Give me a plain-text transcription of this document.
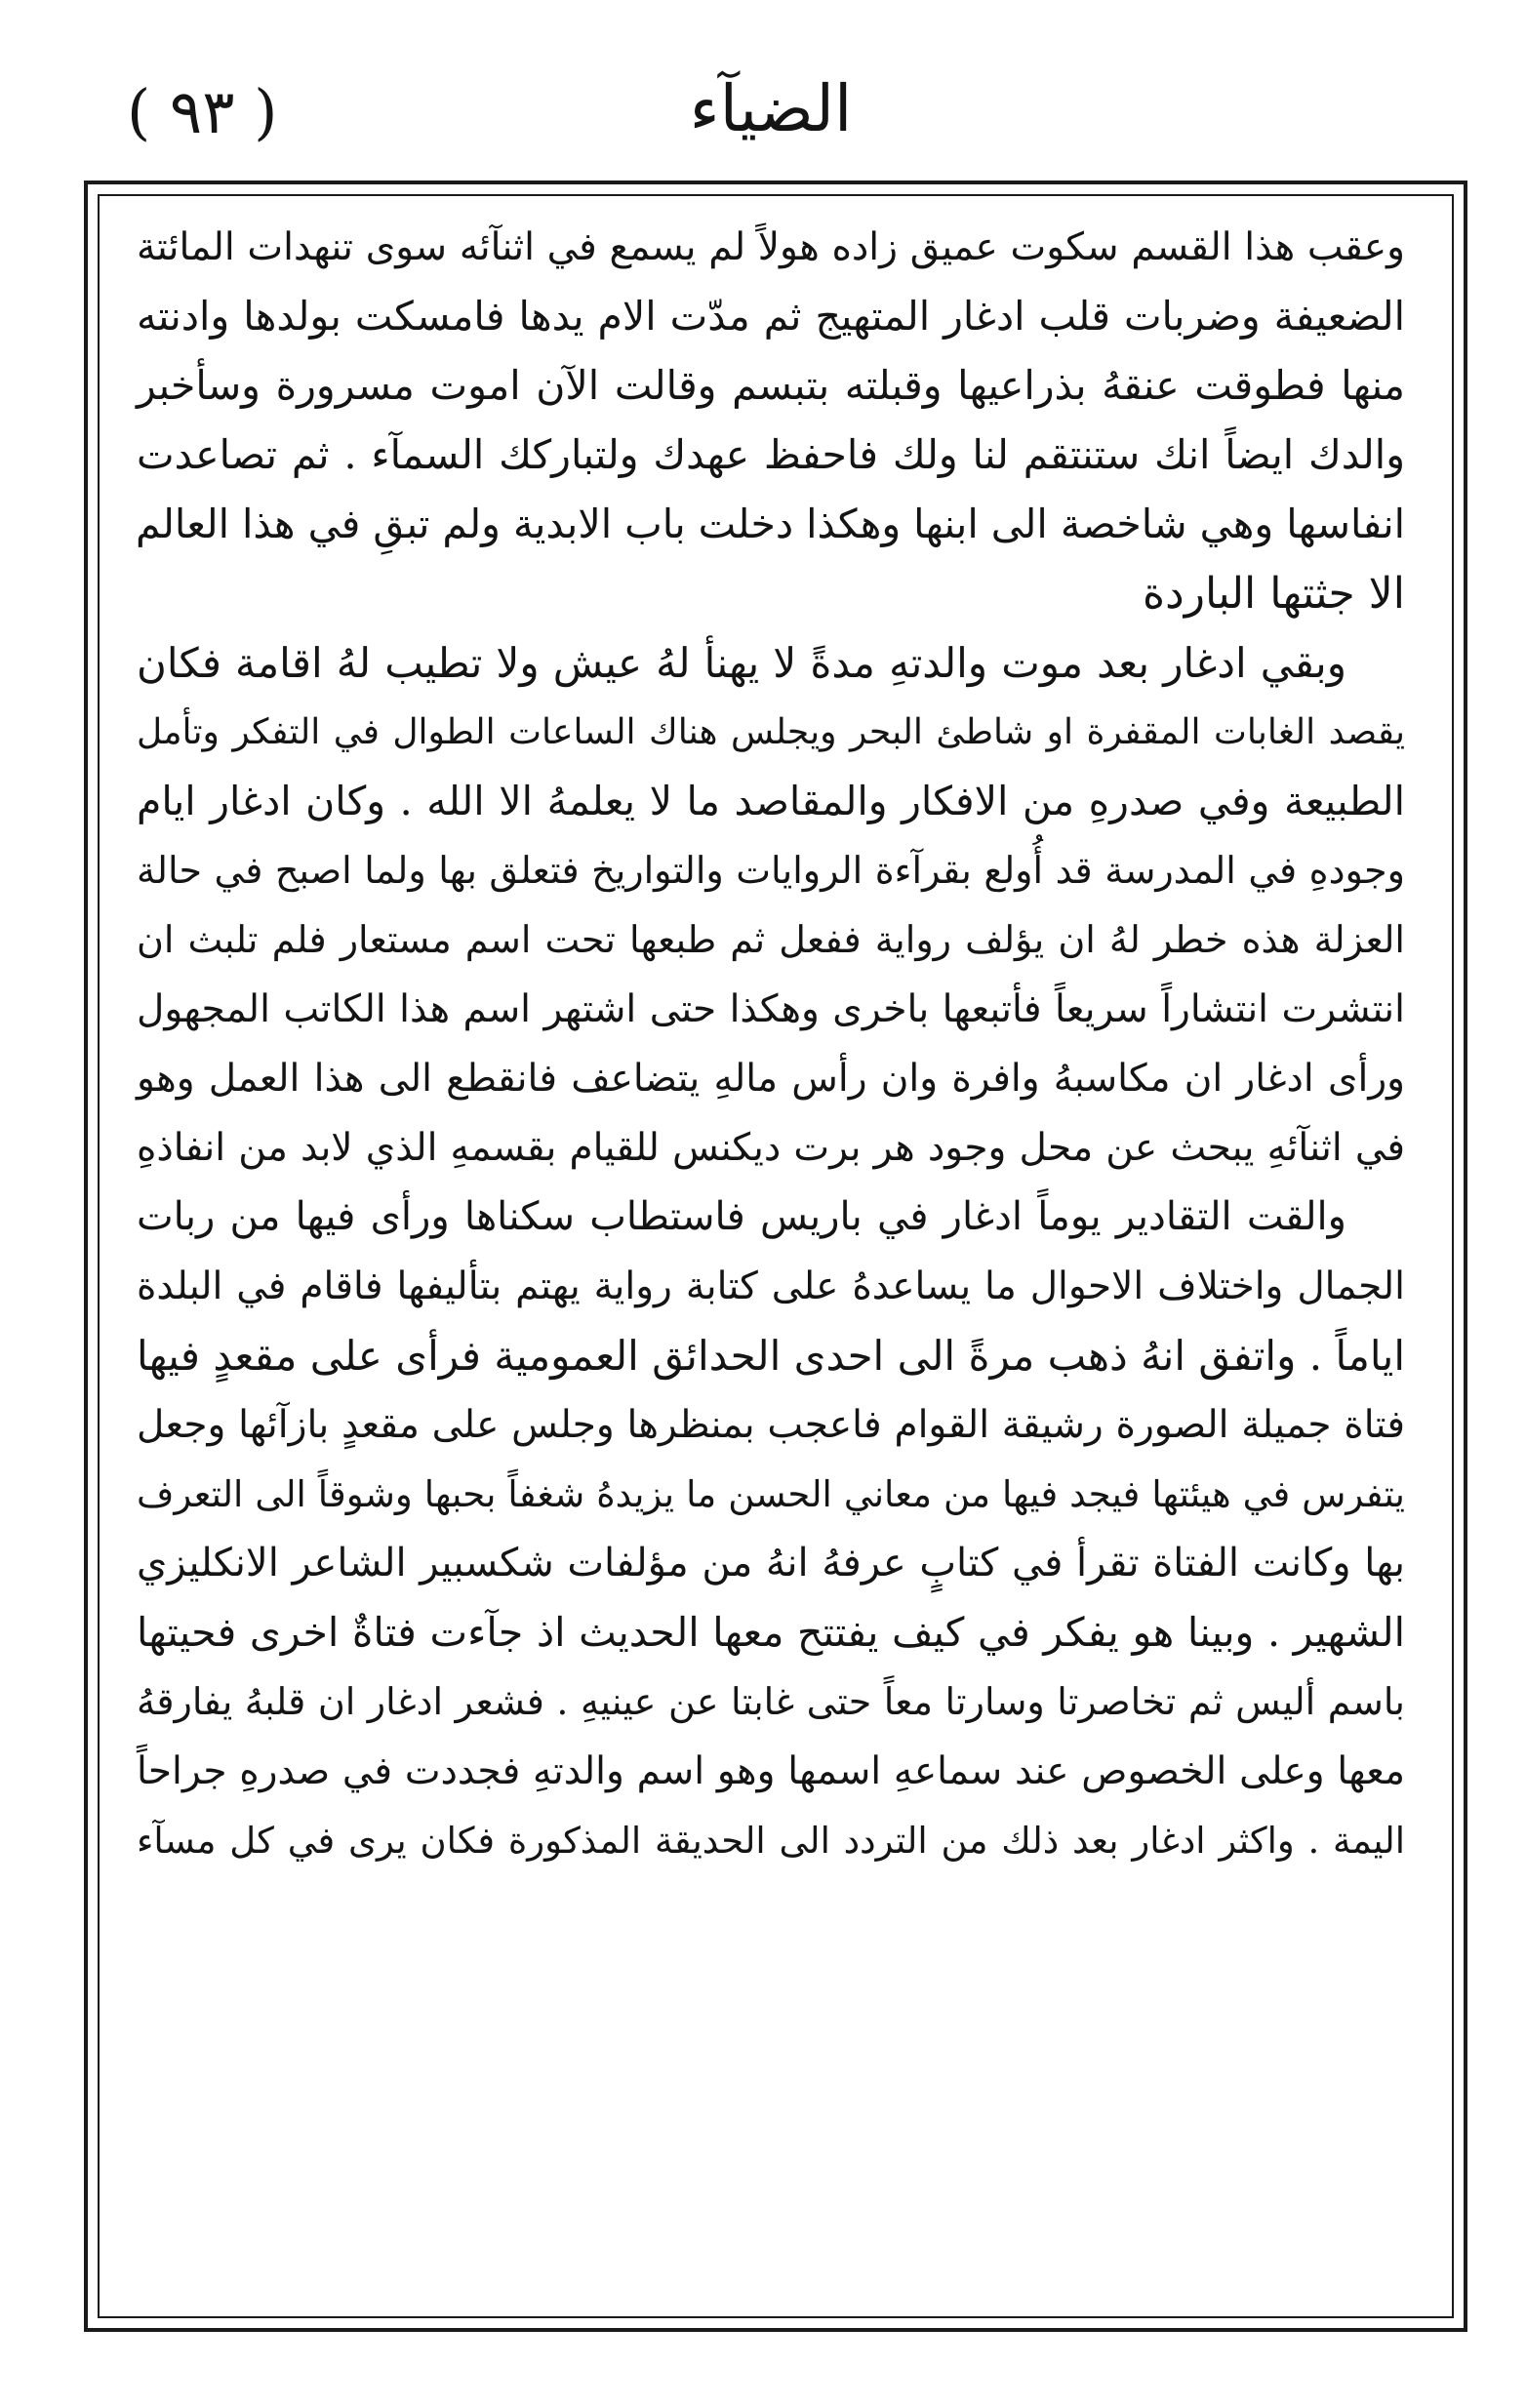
( ٩٣ )	الضيآء
وعقب هذا القسم سكوت عميق زاده هولاً لم يسمع في اثنآئه سوى تنهدات المائتة
الضعيفة وضربات قلب ادغار المتهيج ثم مدّت الام يدها فامسكت بولدها وادنته
منها فطوقت عنقهُ بذراعيها وقبلته بتبسم وقالت الآن اموت مسرورة وسأخبر
والدك ايضاً انك ستنتقم لنا ولك فاحفظ عهدك ولتباركك السمآء . ثم تصاعدت
انفاسها وهي شاخصة الى ابنها وهكذا دخلت باب الابدية ولم تبقِ في هذا العالم
الا جثتها الباردة
وبقي ادغار بعد موت والدتهِ مدةً لا يهنأ لهُ عيش ولا تطيب لهُ اقامة فكان
يقصد الغابات المقفرة او شاطئ البحر ويجلس هناك الساعات الطوال في التفكر وتأمل
الطبيعة وفي صدرهِ من الافكار والمقاصد ما لا يعلمهُ الا الله . وكان ادغار ايام
وجودهِ في المدرسة قد أُولع بقرآءة الروايات والتواريخ فتعلق بها ولما اصبح في حالة
العزلة هذه خطر لهُ ان يؤلف رواية ففعل ثم طبعها تحت اسم مستعار فلم تلبث ان
انتشرت انتشاراً سريعاً فأتبعها باخرى وهكذا حتى اشتهر اسم هذا الكاتب المجهول
ورأى ادغار ان مكاسبهُ وافرة وان رأس مالهِ يتضاعف فانقطع الى هذا العمل وهو
في اثنآئهِ يبحث عن محل وجود هر برت ديكنس للقيام بقسمهِ الذي لابد من انفاذهِ
والقت التقادير يوماً ادغار في باريس فاستطاب سكناها ورأى فيها من ربات
الجمال واختلاف الاحوال ما يساعدهُ على كتابة رواية يهتم بتأليفها فاقام في البلدة
اياماً . واتفق انهُ ذهب مرةً الى احدى الحدائق العمومية فرأى على مقعدٍ فيها
فتاة جميلة الصورة رشيقة القوام فاعجب بمنظرها وجلس على مقعدٍ بازآئها وجعل
يتفرس في هيئتها فيجد فيها من معاني الحسن ما يزيدهُ شغفاً بحبها وشوقاً الى التعرف
بها وكانت الفتاة تقرأ في كتابٍ عرفهُ انهُ من مؤلفات شكسبير الشاعر الانكليزي
الشهير . وبينا هو يفكر في كيف يفتتح معها الحديث اذ جآءت فتاةٌ اخرى فحيتها
باسم أليس ثم تخاصرتا وسارتا معاً حتى غابتا عن عينيهِ . فشعر ادغار ان قلبهُ يفارقهُ
معها وعلى الخصوص عند سماعهِ اسمها وهو اسم والدتهِ فجددت في صدرهِ جراحاً
اليمة . واكثر ادغار بعد ذلك من التردد الى الحديقة المذكورة فكان يرى في كل مسآء
